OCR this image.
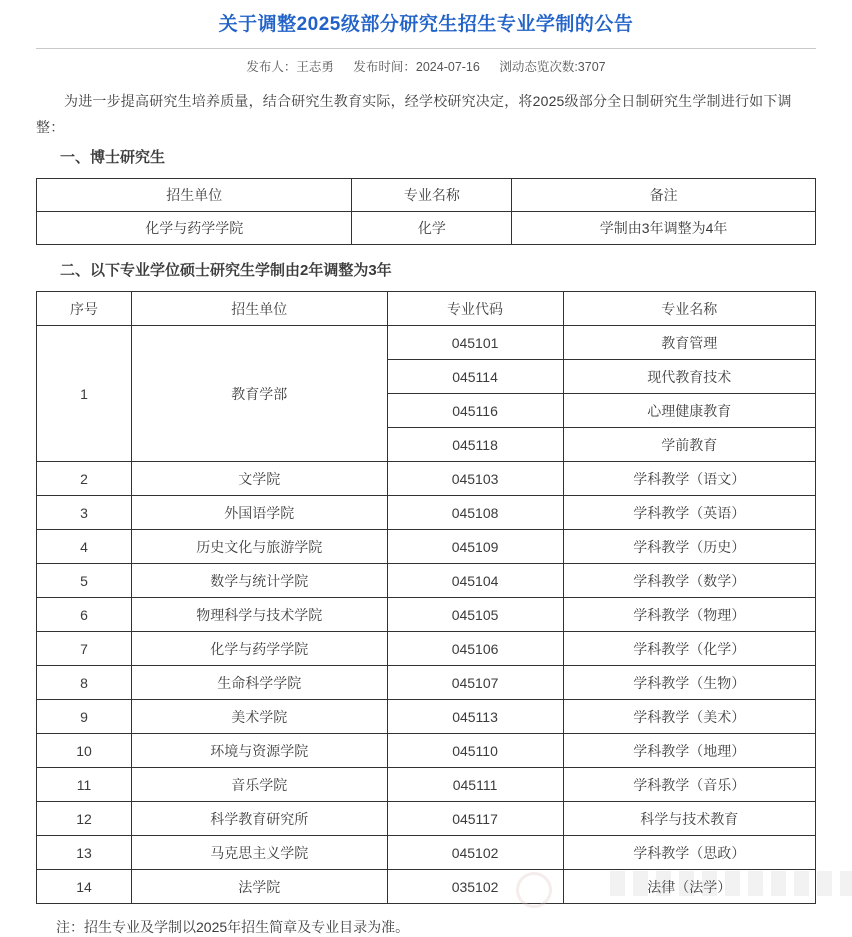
关于调整2025级部分研究生招生专业学制的公告
发布人：王志勇 发布时间：2024-07-16 浏动态览次数:3707

为进一步提高研究生培养质量，结合研究生教育实际，经学校研究决定，将2025级部分全日制研究生学制进行如下调整：

一、博士研究生
招生单位	专业名称	备注
化学与药学学院	化学	学制由3年调整为4年
二、以下专业学位硕士研究生学制由2年调整为3年
序号	招生单位	专业代码	专业名称
1	教育学部	045101	教育管理
		045114	现代教育技术
		045116	心理健康教育
		045118	学前教育
2	文学院	045103	学科教学（语文）
3	外国语学院	045108	学科教学（英语）
4	历史文化与旅游学院	045109	学科教学（历史）
5	数学与统计学院	045104	学科教学（数学）
6	物理科学与技术学院	045105	学科教学（物理）
7	化学与药学学院	045106	学科教学（化学）
8	生命科学学院	045107	学科教学（生物）
9	美术学院	045113	学科教学（美术）
10	环境与资源学院	045110	学科教学（地理）
11	音乐学院	045111	学科教学（音乐）
12	科学教育研究所	045117	科学与技术教育
13	马克思主义学院	045102	学科教学（思政）
14	法学院	035102	法律（法学）

注：招生专业及学制以2025年招生简章及专业目录为准。
